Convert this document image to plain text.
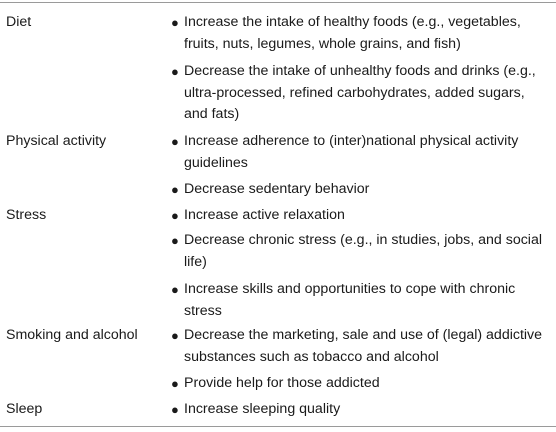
Diet	● Increase the intake of healthy foods (e.g., vegetables, fruits, nuts, legumes, whole grains, and fish)
● Decrease the intake of unhealthy foods and drinks (e.g., ultra-processed, refined carbohydrates, added sugars, and fats)
Physical activity	● Increase adherence to (inter)national physical activity guidelines
● Decrease sedentary behavior
Stress	● Increase active relaxation
● Decrease chronic stress (e.g., in studies, jobs, and social life)
● Increase skills and opportunities to cope with chronic stress
Smoking and alcohol	● Decrease the marketing, sale and use of (legal) addictive substances such as tobacco and alcohol
● Provide help for those addicted
Sleep	● Increase sleeping quality
